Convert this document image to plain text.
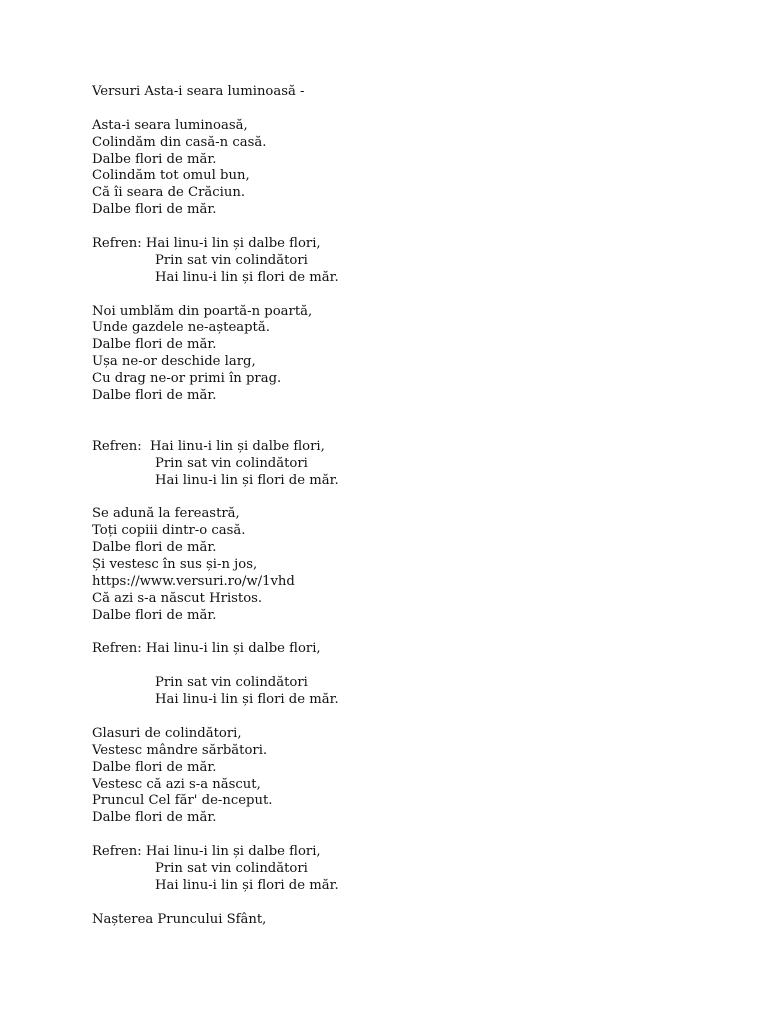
Versuri Asta-i seara luminoasă -
Asta-i seara luminoasă,
Colindăm din casă-n casă.
Dalbe flori de măr.
Colindăm tot omul bun,
Că îi seara de Crăciun.
Dalbe flori de măr.
Refren: Hai linu-i lin și dalbe flori,
Prin sat vin colindători
Hai linu-i lin și flori de măr.
Noi umblăm din poartă-n poartă,
Unde gazdele ne-așteaptă.
Dalbe flori de măr.
Ușa ne-or deschide larg,
Cu drag ne-or primi în prag.
Dalbe flori de măr.
Refren:  Hai linu-i lin și dalbe flori,
Prin sat vin colindători
Hai linu-i lin și flori de măr.
Se adună la fereastră,
Toți copiii dintr-o casă.
Dalbe flori de măr.
Și vestesc în sus și-n jos,
https://www.versuri.ro/w/1vhd
Că azi s-a născut Hristos.
Dalbe flori de măr.
Refren: Hai linu-i lin și dalbe flori,
Prin sat vin colindători
Hai linu-i lin și flori de măr.
Glasuri de colindători,
Vestesc mândre sărbători.
Dalbe flori de măr.
Vestesc că azi s-a născut,
Pruncul Cel făr' de-nceput.
Dalbe flori de măr.
Refren: Hai linu-i lin și dalbe flori,
Prin sat vin colindători
Hai linu-i lin și flori de măr.
Nașterea Pruncului Sfânt,
